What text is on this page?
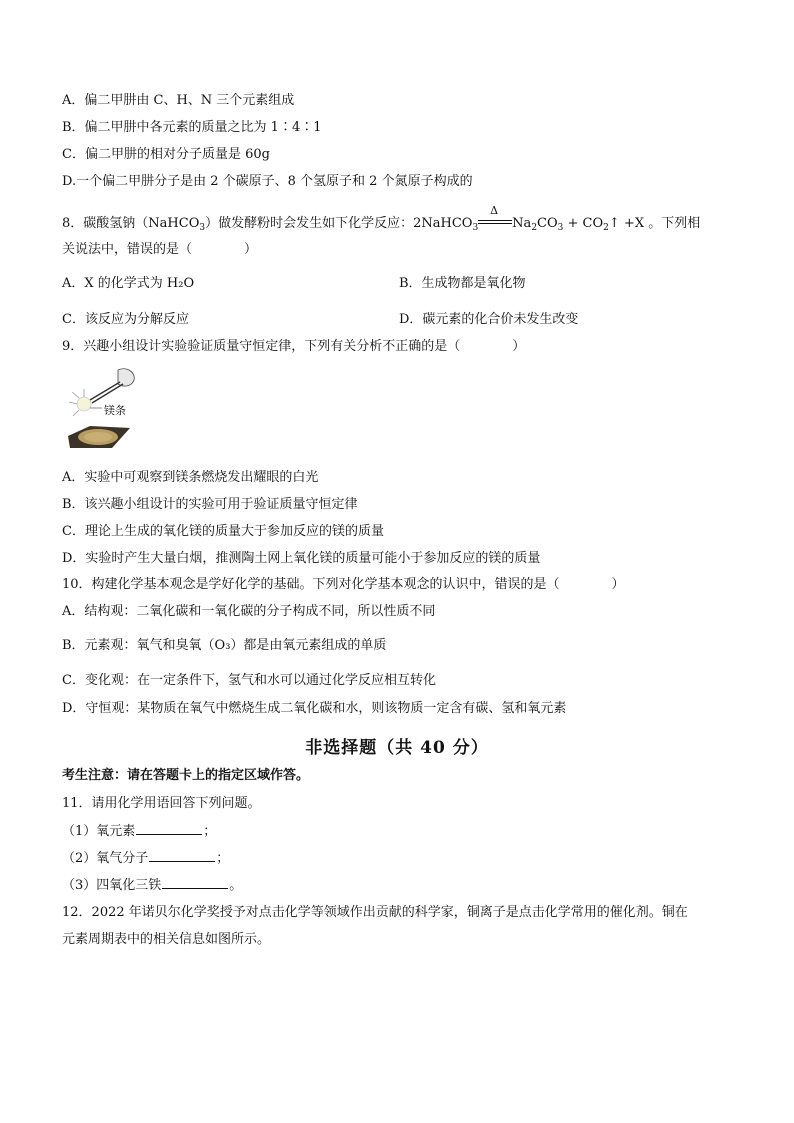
A．偏二甲肼由 C、H、N 三个元素组成
B．偏二甲肼中各元素的质量之比为 1∶4∶1
C．偏二甲肼的相对分子质量是 60g
D.一个偏二甲肼分子是由 2 个碳原子、8 个氢原子和 2 个氮原子构成的
8．碳酸氢钠（NaHCO$_3$）做发酵粉时会发生如下化学反应：2NaHCO$_3$
Δ
$Na_2CO_3$ + $CO_2↑ +X$ 。下列相
关说法中，错误的是（　　　　）
A．X 的化学式为 H₂O	B．生成物都是氧化物
C．该反应为分解反应	D．碳元素的化合价未发生改变
9．兴趣小组设计实验验证质量守恒定律，下列有关分析不正确的是（　　　　）
镁条
A．实验中可观察到镁条燃烧发出耀眼的白光
B．该兴趣小组设计的实验可用于验证质量守恒定律
C．理论上生成的氧化镁的质量大于参加反应的镁的质量
D．实验时产生大量白烟，推测陶土网上氧化镁的质量可能小于参加反应的镁的质量
10．构建化学基本观念是学好化学的基础。下列对化学基本观念的认识中，错误的是（　　　　）
A．结构观：二氧化碳和一氧化碳的分子构成不同，所以性质不同
B．元素观：氧气和臭氧（O₃）都是由氧元素组成的单质
C．变化观：在一定条件下，氢气和水可以通过化学反应相互转化
D．守恒观：某物质在氧气中燃烧生成二氧化碳和水，则该物质一定含有碳、氢和氧元素
非选择题（共 40 分）
考生注意：请在答题卡上的指定区域作答。
11．请用化学用语回答下列问题。
（1）氧元素	；
（2）氧气分子	；
（3）四氧化三铁	。
12．2022 年诺贝尔化学奖授予对点击化学等领域作出贡献的科学家，铜离子是点击化学常用的催化剂。铜在
元素周期表中的相关信息如图所示。
